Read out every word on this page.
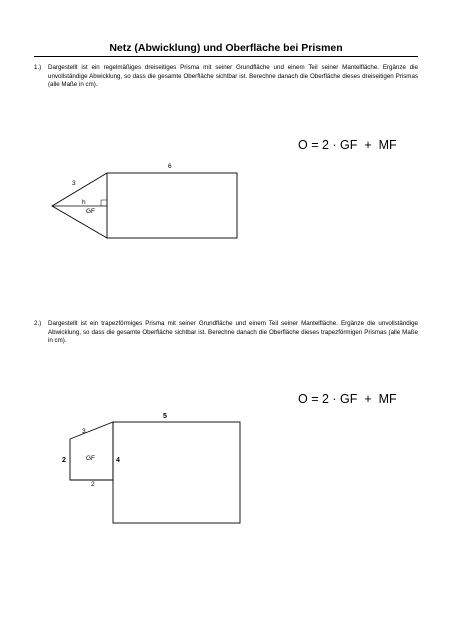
Netz (Abwicklung) und Oberfläche bei Prismen
1.) Dargestellt ist ein regelmäßiges dreiseitiges Prisma mit seiner Grundfläche und einem Teil seiner Mantelfläche. Ergänze die unvollständige Abwicklung, so dass die gesamte Oberfläche sichtbar ist. Berechne danach die Oberfläche dieses dreiseitigen Prismas (alle Maße in cm).
O = 2 · GF  +  MF
3
h
GF
6
2.) Dargestellt ist ein trapezförmiges Prisma mit seiner Grundfläche und einem Teil seiner Mantelfläche. Ergänze die unvollständige Abwicklung, so dass die gesamte Oberfläche sichtbar ist. Berechne danach die Oberfläche dieses trapezförmigen Prismas (alle Maße in cm).
O = 2 · GF  +  MF
3
2	GF
2
4
5
